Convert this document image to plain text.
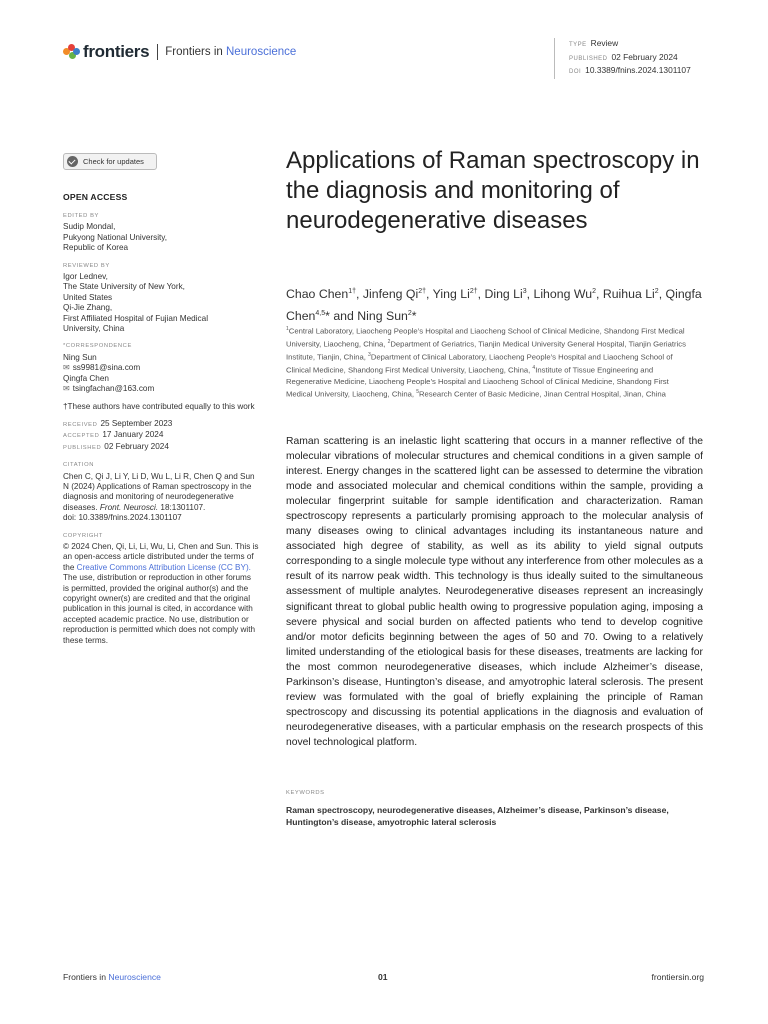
frontiers Frontiers in Neuroscience
TYPE Review
PUBLISHED 02 February 2024
DOI 10.3389/fnins.2024.1301107
Check for updates
OPEN ACCESS
EDITED BY
Sudip Mondal,
Pukyong National University,
Republic of Korea
REVIEWED BY
Igor Lednev,
The State University of New York,
United States
Qi-Jie Zhang,
First Affiliated Hospital of Fujian Medical
University, China
*CORRESPONDENCE
Ning Sun
✉ ss9981@sina.com
Qingfa Chen
✉ tsingfachan@163.com
†These authors have contributed equally to this work
RECEIVED 25 September 2023
ACCEPTED 17 January 2024
PUBLISHED 02 February 2024
CITATION
Chen C, Qi J, Li Y, Li D, Wu L, Li R, Chen Q and Sun N (2024) Applications of Raman spectroscopy in the diagnosis and monitoring of neurodegenerative diseases. Front. Neurosci. 18:1301107.
doi: 10.3389/fnins.2024.1301107
COPYRIGHT
© 2024 Chen, Qi, Li, Li, Wu, Li, Chen and Sun. This is an open-access article distributed under the terms of the Creative Commons Attribution License (CC BY). The use, distribution or reproduction in other forums is permitted, provided the original author(s) and the copyright owner(s) are credited and that the original publication in this journal is cited, in accordance with accepted academic practice. No use, distribution or reproduction is permitted which does not comply with these terms.
Applications of Raman spectroscopy in the diagnosis and monitoring of neurodegenerative diseases
Chao Chen$^{1\dagger}$, Jinfeng $Qi^{2\dagger}$, Ying $Li^{2\dagger}$, Ding Li$^3$, Lihong Wu$^2$, Ruihua Li$^2$, Qingfa Chen$^{4,5}$* and Ning Sun$^2$*
$^1$Central Laboratory, Liaocheng People’s Hospital and Liaocheng School of Clinical Medicine, Shandong First Medical University, Liaocheng, China, $^2$Department of Geriatrics, Tianjin Medical University General Hospital, Tianjin Geriatrics Institute, Tianjin, China, $^3$Department of Clinical Laboratory, Liaocheng People’s Hospital and Liaocheng School of Clinical Medicine, Shandong First Medical University, Liaocheng, China, $^4$Institute of Tissue Engineering and Regenerative Medicine, Liaocheng People’s Hospital and Liaocheng School of Clinical Medicine, Shandong First Medical University, Liaocheng, China, $^5$Research Center of Basic Medicine, Jinan Central Hospital, Jinan, China

Raman scattering is an inelastic light scattering that occurs in a manner reflective of the molecular vibrations of molecular structures and chemical conditions in a given sample of interest. Energy changes in the scattered light can be assessed to determine the vibration mode and associated molecular and chemical conditions within the sample, providing a molecular fingerprint suitable for sample identification and characterization. Raman spectroscopy represents a particularly promising approach to the molecular analysis of many diseases owing to clinical advantages including its instantaneous nature and associated high degree of stability, as well as its ability to yield signal outputs corresponding to a single molecule type without any interference from other molecules as a result of its narrow peak width. This technology is thus ideally suited to the simultaneous assessment of multiple analytes. Neurodegenerative diseases represent an increasingly significant threat to global public health owing to progressive population aging, imposing a severe physical and social burden on affected patients who tend to develop cognitive and/or motor deficits beginning between the ages of 50 and 70. Owing to a relatively limited understanding of the etiological basis for these diseases, treatments are lacking for the most common neurodegenerative diseases, which include Alzheimer’s disease, Parkinson’s disease, Huntington’s disease, and amyotrophic lateral sclerosis. The present review was formulated with the goal of briefly explaining the principle of Raman spectroscopy and discussing its potential applications in the diagnosis and evaluation of neurodegenerative diseases, with a particular emphasis on the research prospects of this novel technological platform.

KEYWORDS
Raman spectroscopy, neurodegenerative diseases, Alzheimer’s disease, Parkinson’s disease, Huntington’s disease, amyotrophic lateral sclerosis
Frontiers in Neuroscience	01	frontiersin.org
